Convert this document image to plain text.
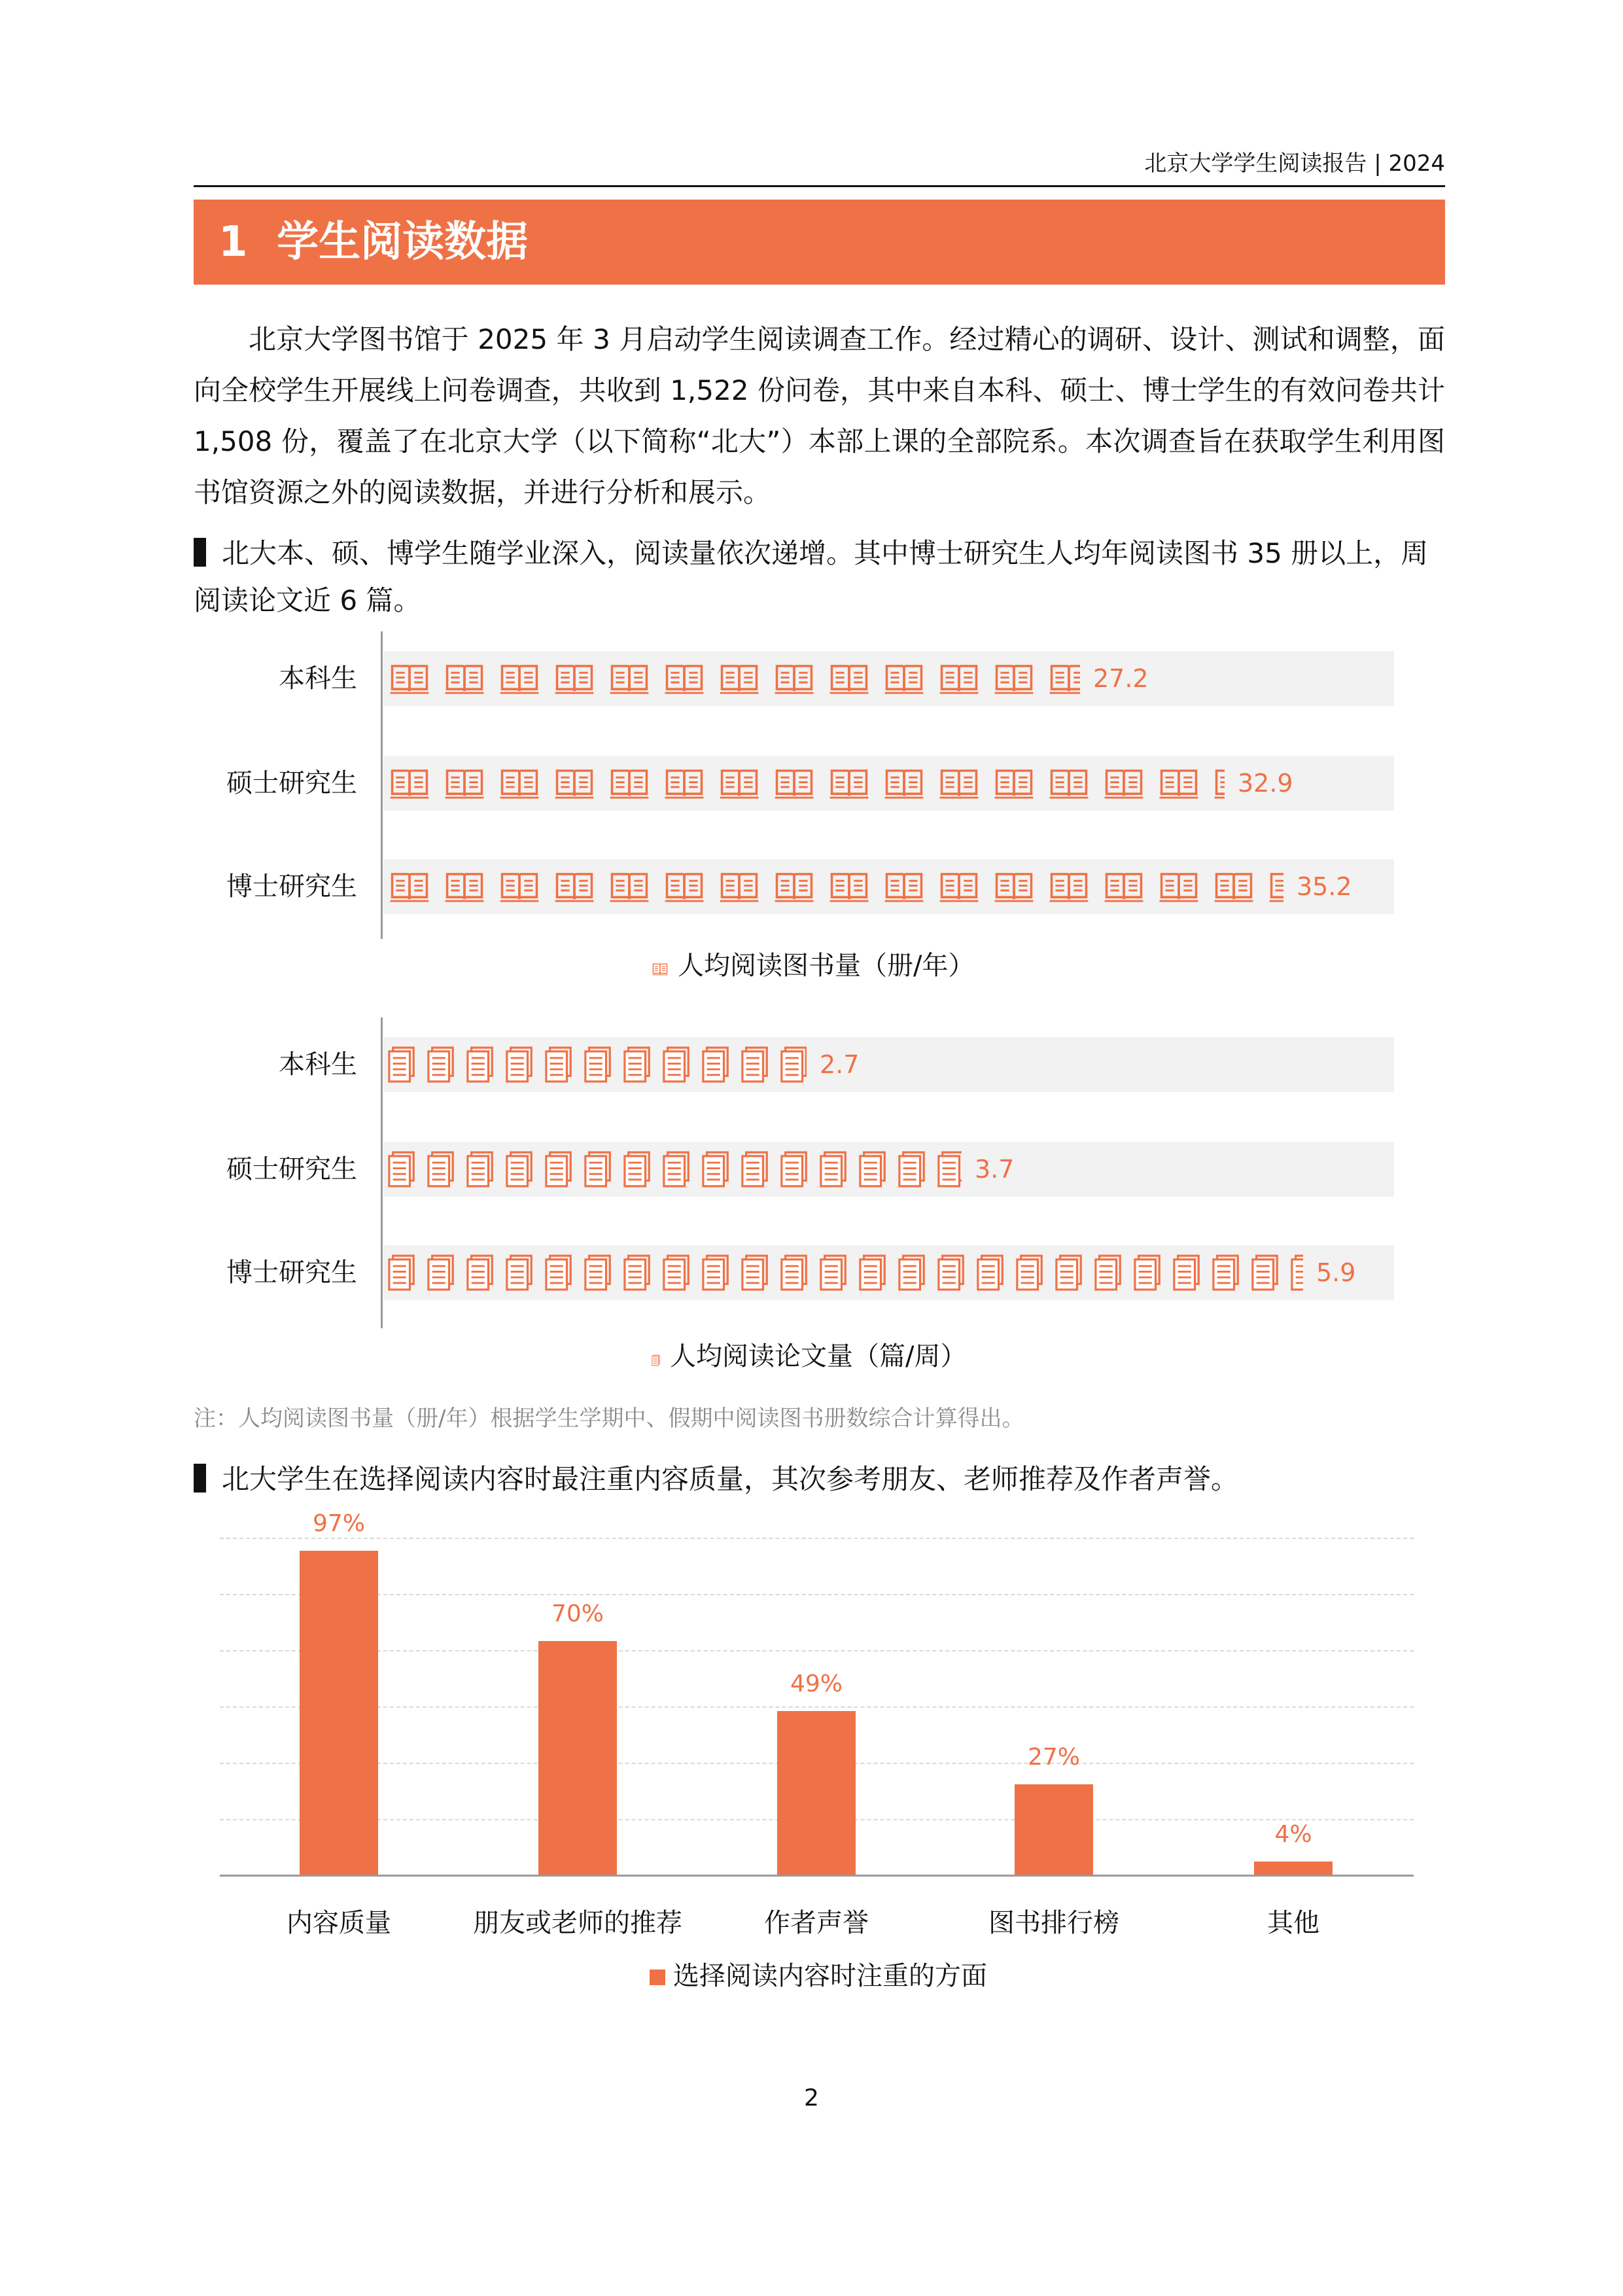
北京大学学生阅读报告 | 2024
1  学生阅读数据
北京大学图书馆于 2025 年 3 月启动学生阅读调查工作。经过精心的调研、设计、测试和调整，面向全校学生开展线上问卷调查，共收到 1,522 份问卷，其中来自本科、硕士、博士学生的有效问卷共计 1,508 份，覆盖了在北京大学（以下简称“北大”）本部上课的全部院系。本次调查旨在获取学生利用图书馆资源之外的阅读数据，并进行分析和展示。
北大本、硕、博学生随学业深入，阅读量依次递增。其中博士研究生人均年阅读图书 35 册以上，周阅读论文近 6 篇。
本科生	27.2
硕士研究生	32.9
博士研究生	35.2
人均阅读图书量（册/年）
本科生	2.7
硕士研究生	3.7
博士研究生	5.9
人均阅读论文量（篇/周）
注：人均阅读图书量（册/年）根据学生学期中、假期中阅读图书册数综合计算得出。
北大学生在选择阅读内容时最注重内容质量，其次参考朋友、老师推荐及作者声誉。
97%
内容质量
70%
朋友或老师的推荐
49%
作者声誉
27%
图书排行榜
4%
其他
选择阅读内容时注重的方面
2
